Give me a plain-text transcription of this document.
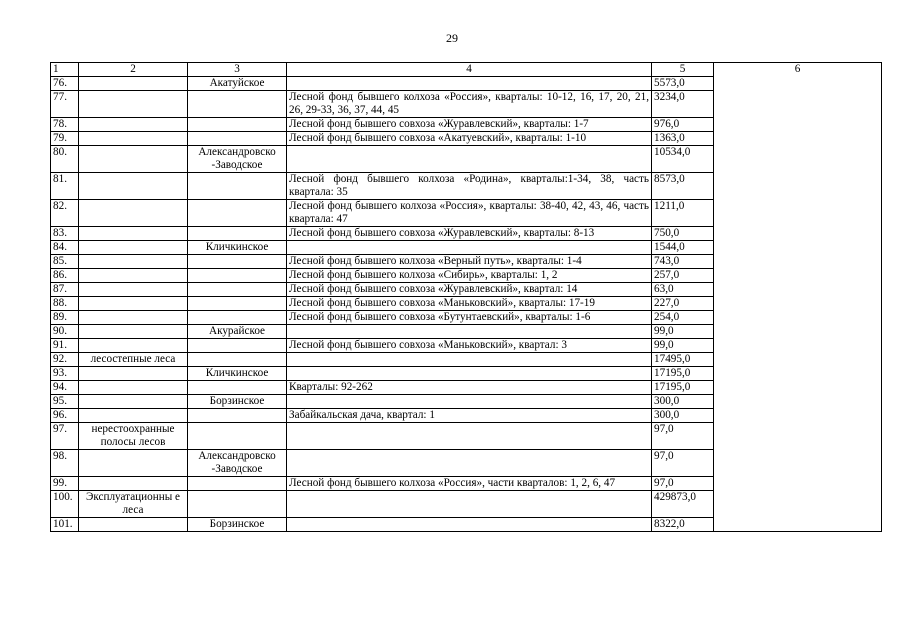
29
1	2	3	4	5	6
76.		Акатуйское		5573,0	
77.			Лесной фонд бывшего колхоза «Россия», кварталы: 10-12, 16, 17, 20, 21, 26, 29-33, 36, 37, 44, 45	3234,0	
78.			Лесной фонд бывшего совхоза «Журавлевский», кварталы: 1-7	976,0	
79.			Лесной фонд бывшего совхоза «Акатуевский», кварталы: 1-10	1363,0	
80.		Александровско -Заводское		10534,0	
81.			Лесной фонд бывшего колхоза «Родина», кварталы:1-34, 38, часть квартала: 35	8573,0	
82.			Лесной фонд бывшего колхоза «Россия», кварталы: 38-40, 42, 43, 46, часть квартала: 47	1211,0	
83.			Лесной фонд бывшего совхоза «Журавлевский», кварталы: 8-13	750,0	
84.		Кличкинское		1544,0	
85.			Лесной фонд бывшего колхоза «Верный путь», кварталы: 1-4	743,0	
86.			Лесной фонд бывшего колхоза «Сибирь», кварталы: 1, 2	257,0	
87.			Лесной фонд бывшего совхоза «Журавлевский», квартал: 14	63,0	
88.			Лесной фонд бывшего совхоза «Маньковский», кварталы: 17-19	227,0	
89.			Лесной фонд бывшего совхоза «Бутунтаевский», кварталы: 1-6	254,0	
90.		Акурайское		99,0	
91.			Лесной фонд бывшего совхоза «Маньковский», квартал: 3	99,0	
92.	лесостепные леса			17495,0	
93.		Кличкинское		17195,0	
94.			Кварталы: 92-262	17195,0	
95.		Борзинское		300,0	
96.			Забайкальская дача, квартал: 1	300,0	
97.	нерестоохранные полосы лесов			97,0	
98.		Александровско -Заводское		97,0	
99.			Лесной фонд бывшего колхоза «Россия», части кварталов: 1, 2, 6, 47	97,0	
100.	Эксплуатационны е леса			429873,0	
101.		Борзинское		8322,0	
